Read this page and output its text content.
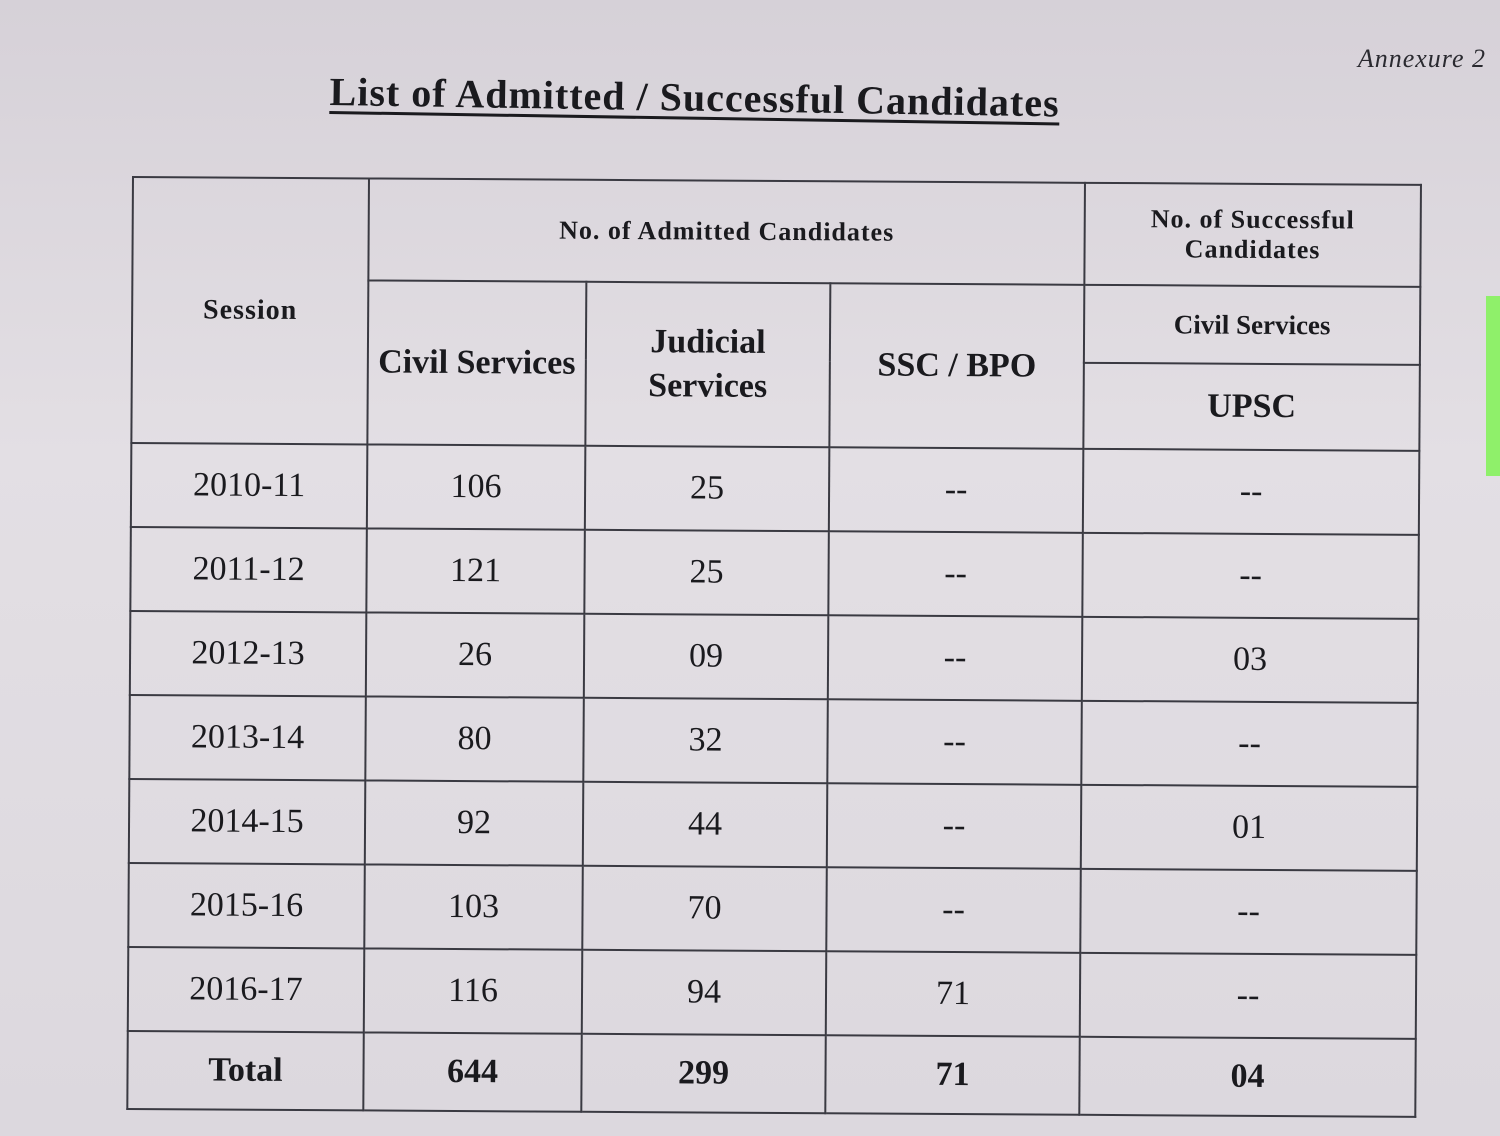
Annexure 2
List of Admitted / Successful Candidates
Session	No. of Admitted Candidates			No. of Successful Candidates
	Civil Services	Judicial Services	SSC / BPO	Civil Services
				UPSC
2010-11	106	25	--	--
2011-12	121	25	--	--
2012-13	26	09	--	03
2013-14	80	32	--	--
2014-15	92	44	--	01
2015-16	103	70	--	--
2016-17	116	94	71	--
Total	644	299	71	04
